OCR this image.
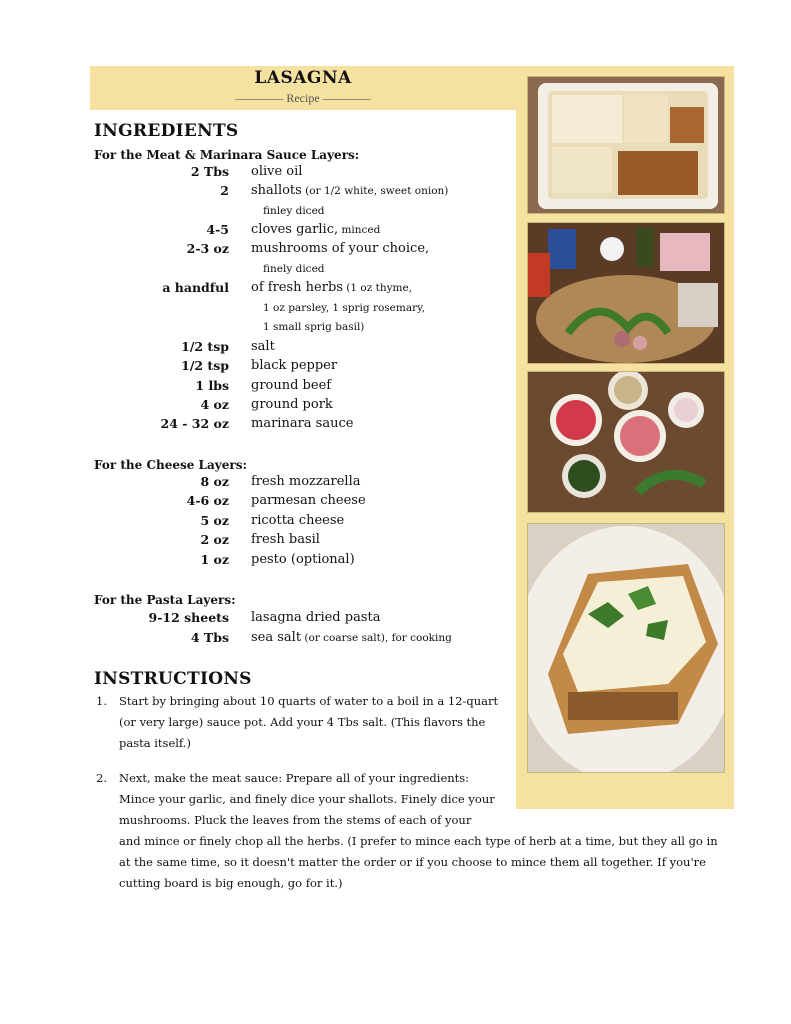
LASAGNA
———— Recipe ————
INGREDIENTS
For the Meat & Marinara Sauce Layers:
2 Tbs olive oil
2 shallots (or 1/2 white, sweet onion)
finley diced
4-5 cloves garlic, minced
2-3 oz mushrooms of your choice,
finely diced
a handful of fresh herbs (1 oz thyme,
1 oz parsley, 1 sprig rosemary,
1 small sprig basil)
1/2 tsp salt
1/2 tsp black pepper
1 lbs ground beef
4 oz ground pork
24 - 32 oz marinara sauce
For the Cheese Layers:
8 oz fresh mozzarella
4-6 oz parmesan cheese
5 oz ricotta cheese
2 oz fresh basil
1 oz pesto (optional)
For the Pasta Layers:
9-12 sheets lasagna dried pasta
4 Tbs sea salt (or coarse salt), for cooking
INSTRUCTIONS
1. Start by bringing about 10 quarts of water to a boil in a 12-quart
(or very large) sauce pot. Add your 4 Tbs salt. (This flavors the
pasta itself.)
2. Next, make the meat sauce: Prepare all of your ingredients:
Mince your garlic, and finely dice your shallots. Finely dice your
mushrooms. Pluck the leaves from the stems of each of your
and mince or finely chop all the herbs. (I prefer to mince each type of herb at a time, but they all go in
at the same time, so it doesn't matter the order or if you choose to mince them all together. If you're
cutting board is big enough, go for it.)
